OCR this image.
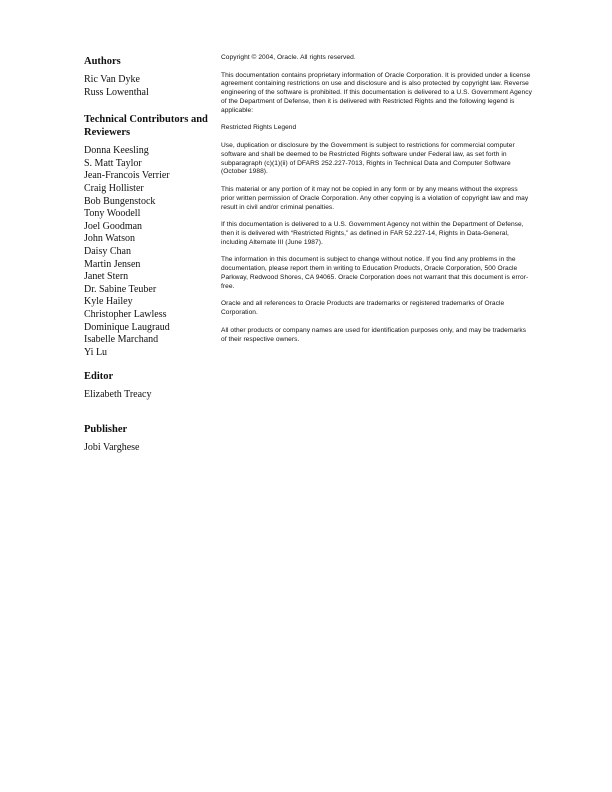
Authors
Ric Van Dyke
Russ Lowenthal
Technical Contributors and Reviewers
Donna Keesling
S. Matt Taylor
Jean-Francois Verrier
Craig Hollister
Bob Bungenstock
Tony Woodell
Joel Goodman
John Watson
Daisy Chan
Martin Jensen
Janet Stern
Dr. Sabine Teuber
Kyle Hailey
Christopher Lawless
Dominique Laugraud
Isabelle Marchand
Yi Lu
Editor
Elizabeth Treacy
Publisher
Jobi Varghese

Copyright © 2004, Oracle. All rights reserved.

This documentation contains proprietary information of Oracle Corporation. It is provided under a license agreement containing restrictions on use and disclosure and is also protected by copyright law. Reverse engineering of the software is prohibited. If this documentation is delivered to a U.S. Government Agency of the Department of Defense, then it is delivered with Restricted Rights and the following legend is applicable:

Restricted Rights Legend

Use, duplication or disclosure by the Government is subject to restrictions for commercial computer software and shall be deemed to be Restricted Rights software under Federal law, as set forth in subparagraph (c)(1)(ii) of DFARS 252.227-7013, Rights in Technical Data and Computer Software (October 1988).

This material or any portion of it may not be copied in any form or by any means without the express prior written permission of Oracle Corporation. Any other copying is a violation of copyright law and may result in civil and/or criminal penalties.

If this documentation is delivered to a U.S. Government Agency not within the Department of Defense, then it is delivered with “Restricted Rights,” as defined in FAR 52.227-14, Rights in Data-General, including Alternate III (June 1987).

The information in this document is subject to change without notice. If you find any problems in the documentation, please report them in writing to Education Products, Oracle Corporation, 500 Oracle Parkway, Redwood Shores, CA 94065. Oracle Corporation does not warrant that this document is error-free.

Oracle and all references to Oracle Products are trademarks or registered trademarks of Oracle Corporation.

All other products or company names are used for identification purposes only, and may be trademarks of their respective owners.
